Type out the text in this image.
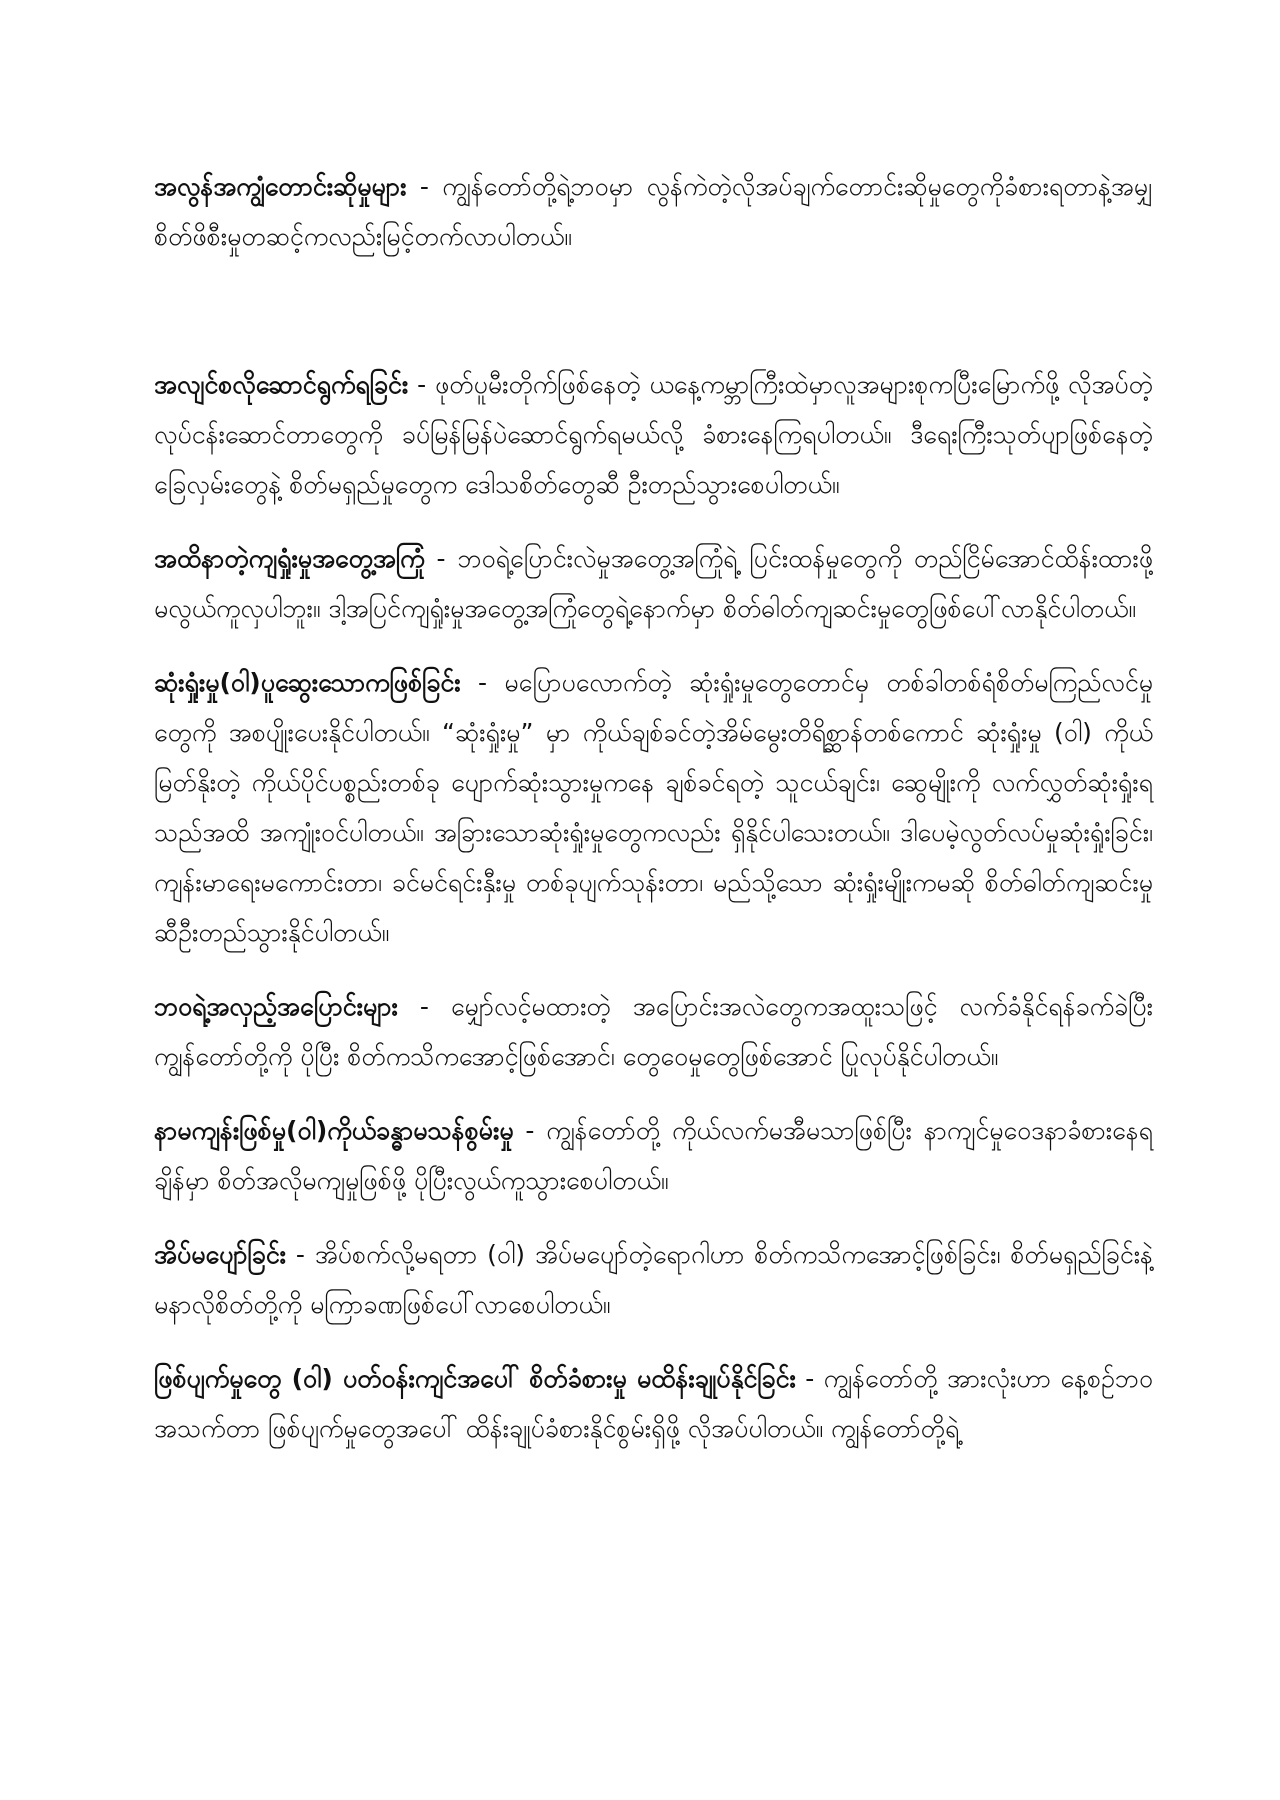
အလွန်အကျွံတောင်းဆိုမှုများ - ကျွန်တော်တို့ရဲ့ဘဝမှာ လွန်ကဲတဲ့လိုအပ်ချက်တောင်းဆိုမှုတွေကိုခံစားရတာနဲ့အမျှ စိတ်ဖိစီးမှုတဆင့်ကလည်းမြင့်တက်လာပါတယ်။

အလျင်စလိုဆောင်ရွက်ရခြင်း - ဖုတ်ပူမီးတိုက်ဖြစ်နေတဲ့ ယနေ့ကမ္ဘာကြီးထဲမှာလူအများစုကပြီးမြောက်ဖို့ လိုအပ်တဲ့လုပ်ငန်းဆောင်တာတွေကို ခပ်မြန်မြန်ပဲဆောင်ရွက်ရမယ်လို့ ခံစားနေကြရပါတယ်။ ဒီရေးကြီးသုတ်ပျာဖြစ်နေတဲ့ခြေလှမ်းတွေနဲ့ စိတ်မရှည်မှုတွေက ဒေါသစိတ်တွေဆီ ဦးတည်သွားစေပါတယ်။

အထိနာတဲ့ကျရှုံးမှုအတွေ့အကြုံ - ဘဝရဲ့ပြောင်းလဲမှုအတွေ့အကြုံရဲ့ ပြင်းထန်မှုတွေကို တည်ငြိမ်အောင်ထိန်းထားဖို့ မလွယ်ကူလှပါဘူး။ ဒါ့အပြင်ကျရှုံးမှုအတွေ့အကြုံတွေရဲ့နောက်မှာ စိတ်ဓါတ်ကျဆင်းမှုတွေဖြစ်ပေါ်လာနိုင်ပါတယ်။

ဆုံးရှုံးမှု(ဝါ)ပူဆွေးသောကဖြစ်ခြင်း - မပြောပလောက်တဲ့ ဆုံးရှုံးမှုတွေတောင်မှ တစ်ခါတစ်ရံစိတ်မကြည်လင်မှုတွေကို အစပျိုးပေးနိုင်ပါတယ်။ “ဆုံးရှုံးမှု” မှာ ကိုယ်ချစ်ခင်တဲ့အိမ်မွေးတိရိစ္ဆာန်တစ်ကောင် ဆုံးရှုံးမှု (ဝါ) ကိုယ်မြတ်နိုးတဲ့ ကိုယ်ပိုင်ပစ္စည်းတစ်ခု ပျောက်ဆုံးသွားမှုကနေ ချစ်ခင်ရတဲ့ သူငယ်ချင်း၊ ဆွေမျိုးကို လက်လွှတ်ဆုံးရှုံးရသည်အထိ အကျုံးဝင်ပါတယ်။ အခြားသောဆုံးရှုံးမှုတွေကလည်း ရှိနိုင်ပါသေးတယ်။ ဒါပေမဲ့လွတ်လပ်မှုဆုံးရှုံးခြင်း၊ ကျန်းမာရေးမကောင်းတာ၊ ခင်မင်ရင်းနှီးမှု တစ်ခုပျက်သုန်းတာ၊ မည်သို့သော ဆုံးရှုံးမျိုးကမဆို စိတ်ဓါတ်ကျဆင်းမှုဆီဦးတည်သွားနိုင်ပါတယ်။

ဘဝရဲ့အလှည့်အပြောင်းများ - မျှော်လင့်မထားတဲ့ အပြောင်းအလဲတွေကအထူးသဖြင့် လက်ခံနိုင်ရန်ခက်ခဲပြီး ကျွန်တော်တို့ကို ပိုပြီး စိတ်ကသိကအောင့်ဖြစ်အောင်၊ တွေဝေမှုတွေဖြစ်အောင် ပြုလုပ်နိုင်ပါတယ်။

နာမကျန်းဖြစ်မှု(ဝါ)ကိုယ်ခန္ဓာမသန်စွမ်းမှု - ကျွန်တော်တို့ ကိုယ်လက်မအီမသာဖြစ်ပြီး နာကျင်မှုဝေဒနာခံစားနေရချိန်မှာ စိတ်အလိုမကျမှုဖြစ်ဖို့ ပိုပြီးလွယ်ကူသွားစေပါတယ်။

အိပ်မပျော်ခြင်း - အိပ်စက်လို့မရတာ (ဝါ) အိပ်မပျော်တဲ့ရောဂါဟာ စိတ်ကသိကအောင့်ဖြစ်ခြင်း၊ စိတ်မရှည်ခြင်းနဲ့ မနာလိုစိတ်တို့ကို မကြာခဏဖြစ်ပေါ်လာစေပါတယ်။

ဖြစ်ပျက်မှုတွေ (ဝါ) ပတ်ဝန်းကျင်အပေါ် စိတ်ခံစားမှု မထိန်းချုပ်နိုင်ခြင်း - ကျွန်တော်တို့ အားလုံးဟာ နေ့စဉ်ဘဝအသက်တာ ဖြစ်ပျက်မှုတွေအပေါ် ထိန်းချုပ်ခံစားနိုင်စွမ်းရှိဖို့ လိုအပ်ပါတယ်။ ကျွန်တော်တို့ရဲ့
